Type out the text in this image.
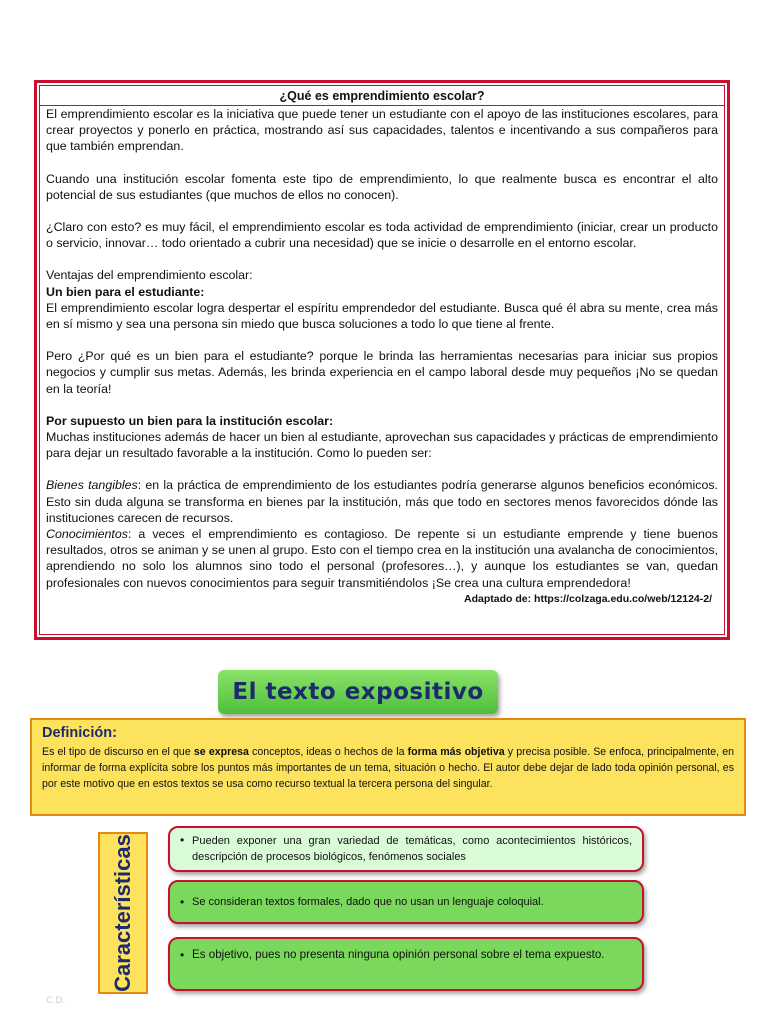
¿Qué es emprendimiento escolar?

El emprendimiento escolar es la iniciativa que puede tener un estudiante con el apoyo de las instituciones escolares, para crear proyectos y ponerlo en práctica, mostrando así sus capacidades, talentos e incentivando a sus compañeros para que también emprendan.

Cuando una institución escolar fomenta este tipo de emprendimiento, lo que realmente busca es encontrar el alto potencial de sus estudiantes (que muchos de ellos no conocen).

¿Claro con esto? es muy fácil, el emprendimiento escolar es toda actividad de emprendimiento (iniciar, crear un producto o servicio, innovar… todo orientado a cubrir una necesidad) que se inicie o desarrolle en el entorno escolar.

Ventajas del emprendimiento escolar:

Un bien para el estudiante:

El emprendimiento escolar logra despertar el espíritu emprendedor del estudiante. Busca qué él abra su mente, crea más en sí mismo y sea una persona sin miedo que busca soluciones a todo lo que tiene al frente.

Pero ¿Por qué es un bien para el estudiante? porque le brinda las herramientas necesarias para iniciar sus propios negocios y cumplir sus metas. Además, les brinda experiencia en el campo laboral desde muy pequeños ¡No se quedan en la teoría!

Por supuesto un bien para la institución escolar:

Muchas instituciones además de hacer un bien al estudiante, aprovechan sus capacidades y prácticas de emprendimiento para dejar un resultado favorable a la institución. Como lo pueden ser:

Bienes tangibles: en la práctica de emprendimiento de los estudiantes podría generarse algunos beneficios económicos. Esto sin duda alguna se transforma en bienes par la institución, más que todo en sectores menos favorecidos dónde las instituciones carecen de recursos.

Conocimientos: a veces el emprendimiento es contagioso. De repente si un estudiante emprende y tiene buenos resultados, otros se animan y se unen al grupo. Esto con el tiempo crea en la institución una avalancha de conocimientos, aprendiendo no solo los alumnos sino todo el personal (profesores…), y aunque los estudiantes se van, quedan profesionales con nuevos conocimientos para seguir transmitiéndolos ¡Se crea una cultura emprendedora!

Adaptado de: https://colzaga.edu.co/web/12124-2/

El texto expositivo
Definición:

Es el tipo de discurso en el que se expresa conceptos, ideas o hechos de la forma más objetiva y precisa posible. Se enfoca, principalmente, en informar de forma explícita sobre los puntos más importantes de un tema, situación o hecho. El autor debe dejar de lado toda opinión personal, es por este motivo que en estos textos se usa como recurso textual la tercera persona del singular.

Características
•	Pueden exponer una gran variedad de temáticas, como acontecimientos históricos, descripción de procesos biológicos, fenómenos sociales
• Se consideran textos formales, dado que no usan un lenguaje coloquial.
• Es objetivo, pues no presenta ninguna opinión personal sobre el tema expuesto.
C.D.
